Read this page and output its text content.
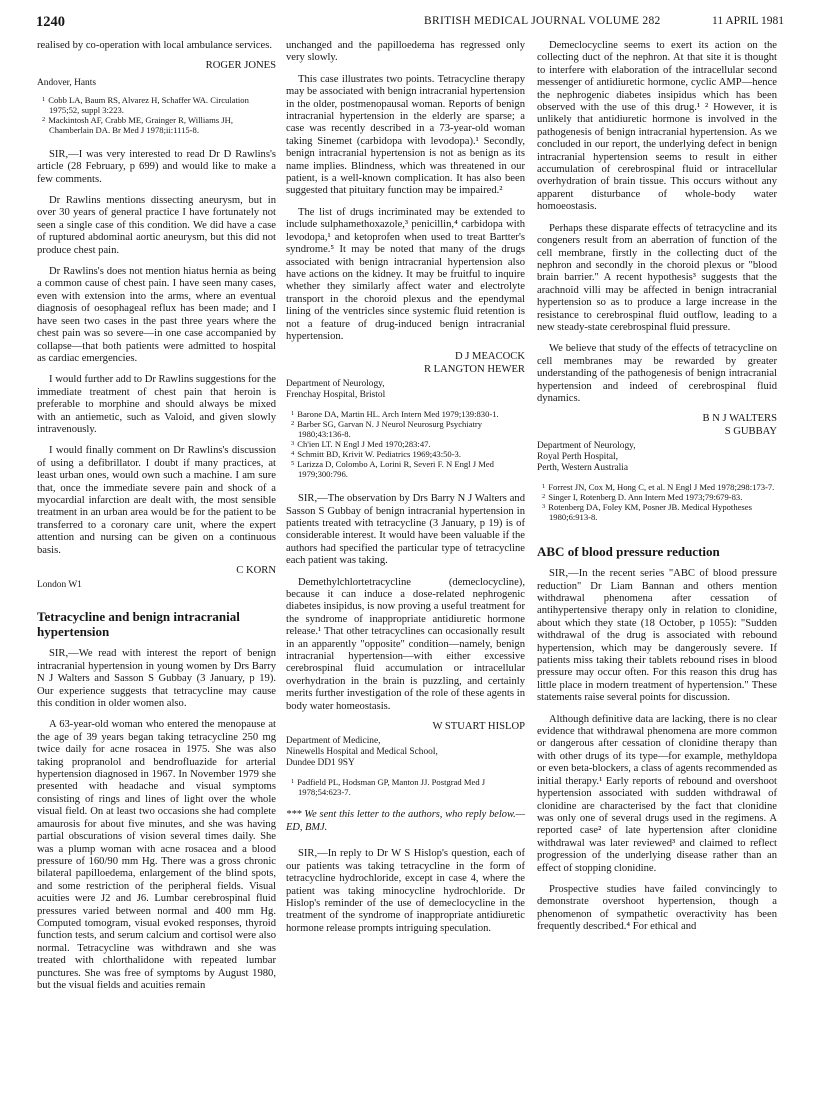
1240	BRITISH MEDICAL JOURNAL VOLUME 282	11 APRIL 1981

realised by co-operation with local ambulance services.

ROGER JONES

Andover, Hants

1 Cobb LA, Baum RS, Alvarez H, Schaffer WA. Circulation 1975;52, suppl 3:223.
2 Mackintosh AF, Crabb ME, Grainger R, Williams JH, Chamberlain DA. Br Med J 1978;ii:1115-8.

SIR,—I was very interested to read Dr D Rawlins's article (28 February, p 699) and would like to make a few comments.

Dr Rawlins mentions dissecting aneurysm, but in over 30 years of general practice I have fortunately not seen a single case of this condition. We did have a case of ruptured abdominal aortic aneurysm, but this did not produce chest pain.

Dr Rawlins's does not mention hiatus hernia as being a common cause of chest pain. I have seen many cases, even with extension into the arms, where an eventual diagnosis of oesophageal reflux has been made; and I have seen two cases in the past three years where the chest pain was so severe—in one case accompanied by collapse—that both patients were admitted to hospital as cardiac emergencies.

I would further add to Dr Rawlins suggestions for the immediate treatment of chest pain that heroin is preferable to morphine and should always be mixed with an antiemetic, such as Valoid, and given slowly intravenously.

I would finally comment on Dr Rawlins's discussion of using a defibrillator. I doubt if many practices, at least urban ones, would own such a machine. I am sure that, once the immediate severe pain and shock of a myocardial infarction are dealt with, the most sensible treatment in an urban area would be for the patient to be transferred to a coronary care unit, where the expert attention and nursing can be given on a continuous basis.

C KORN

London W1

Tetracycline and benign intracranial hypertension

SIR,—We read with interest the report of benign intracranial hypertension in young women by Drs Barry N J Walters and Sasson S Gubbay (3 January, p 19). Our experience suggests that tetracycline may cause this condition in older women also.

A 63-year-old woman who entered the menopause at the age of 39 years began taking tetracycline 250 mg twice daily for acne rosacea in 1975. She was also taking propranolol and bendrofluazide for arterial hypertension diagnosed in 1967. In November 1979 she presented with headache and visual symptoms consisting of rings and lines of light over the whole visual field. On at least two occasions she had complete amaurosis for about five minutes, and she was having partial obscurations of vision several times daily. She was a plump woman with acne rosacea and a blood pressure of 160/90 mm Hg. There was a gross chronic bilateral papilloedema, enlargement of the blind spots, and some restriction of the peripheral fields. Visual acuities were J2 and J6. Lumbar cerebrospinal fluid pressures varied between normal and 400 mm Hg. Computed tomogram, visual evoked responses, thyroid function tests, and serum calcium and cortisol were also normal. Tetracycline was withdrawn and she was treated with chlorthalidone with repeated lumbar punctures. She was free of symptoms by August 1980, but the visual fields and acuities remain

unchanged and the papilloedema has regressed only very slowly.

This case illustrates two points. Tetracycline therapy may be associated with benign intracranial hypertension in the older, postmenopausal woman. Reports of benign intracranial hypertension in the elderly are sparse; a case was recently described in a 73-year-old woman taking Sinemet (carbidopa with levodopa).¹ Secondly, benign intracranial hypertension is not as benign as its name implies. Blindness, which was threatened in our patient, is a well-known complication. It has also been suggested that pituitary function may be impaired.²

The list of drugs incriminated may be extended to include sulphamethoxazole,³ penicillin,⁴ carbidopa with levodopa,¹ and ketoprofen when used to treat Bartter's syndrome.⁵ It may be noted that many of the drugs associated with benign intracranial hypertension also have actions on the kidney. It may be fruitful to inquire whether they similarly affect water and electrolyte transport in the choroid plexus and the ependymal lining of the ventricles since systemic fluid retention is not a feature of drug-induced benign intracranial hypertension.

D J MEACOCK

R LANGTON HEWER

Department of Neurology,

Frenchay Hospital, Bristol

1 Barone DA, Martin HL. Arch Intern Med 1979;139:830-1.
2 Barber SG, Garvan N. J Neurol Neurosurg Psychiatry 1980;43:136-8.
3 Ch'ien LT. N Engl J Med 1970;283:47.
4 Schmitt BD, Krivit W. Pediatrics 1969;43:50-3.
5 Larizza D, Colombo A, Lorini R, Severi F. N Engl J Med 1979;300:796.

SIR,—The observation by Drs Barry N J Walters and Sasson S Gubbay of benign intracranial hypertension in patients treated with tetracycline (3 January, p 19) is of considerable interest. It would have been valuable if the authors had specified the particular type of tetracycline each patient was taking.

Demethylchlortetracycline (demeclocycline), because it can induce a dose-related nephrogenic diabetes insipidus, is now proving a useful treatment for the syndrome of inappropriate antidiuretic hormone release.¹ That other tetracyclines can occasionally result in an apparently "opposite" condition—namely, benign intracranial hypertension—with either excessive cerebrospinal fluid accumulation or intracellular overhydration in the brain is puzzling, and certainly merits further investigation of the role of these agents in body water homeostasis.

W STUART HISLOP

Department of Medicine,

Ninewells Hospital and Medical School,

Dundee DD1 9SY

1 Padfield PL, Hodsman GP, Manton JJ. Postgrad Med J 1978;54:623-7.

*** We sent this letter to the authors, who reply below.—ED, BMJ.

SIR,—In reply to Dr W S Hislop's question, each of our patients was taking tetracycline in the form of tetracycline hydrochloride, except in case 4, where the patient was taking minocycline hydrochloride. Dr Hislop's reminder of the use of demeclocycline in the treatment of the syndrome of inappropriate antidiuretic hormone release prompts intriguing speculation.

Demeclocycline seems to exert its action on the collecting duct of the nephron. At that site it is thought to interfere with elaboration of the intracellular second messenger of antidiuretic hormone, cyclic AMP—hence the nephrogenic diabetes insipidus which has been observed with the use of this drug.¹ ² However, it is unlikely that antidiuretic hormone is involved in the pathogenesis of benign intracranial hypertension. As we concluded in our report, the underlying defect in benign intracranial hypertension seems to result in either accumulation of cerebrospinal fluid or intracellular overhydration of brain tissue. This occurs without any apparent disturbance of whole-body water homoeostasis.

Perhaps these disparate effects of tetracycline and its congeners result from an aberration of function of the cell membrane, firstly in the collecting duct of the nephron and secondly in the choroid plexus or "blood brain barrier." A recent hypothesis³ suggests that the arachnoid villi may be affected in benign intracranial hypertension so as to produce a large increase in the resistance to cerebrospinal fluid outflow, leading to a new steady-state cerebrospinal fluid pressure.

We believe that study of the effects of tetracycline on cell membranes may be rewarded by greater understanding of the pathogenesis of benign intracranial hypertension and indeed of cerebrospinal fluid dynamics.

B N J WALTERS

S GUBBAY

Department of Neurology,

Royal Perth Hospital,

Perth, Western Australia

1 Forrest JN, Cox M, Hong C, et al. N Engl J Med 1978;298:173-7.
2 Singer I, Rotenberg D. Ann Intern Med 1973;79:679-83.
3 Rotenberg DA, Foley KM, Posner JB. Medical Hypotheses 1980;6:913-8.
ABC of blood pressure reduction

SIR,—In the recent series "ABC of blood pressure reduction" Dr Liam Bannan and others mention withdrawal phenomena after cessation of antihypertensive therapy only in relation to clonidine, about which they state (18 October, p 1055): "Sudden withdrawal of the drug is associated with rebound hypertension, which may be dangerously severe. If patients miss taking their tablets rebound rises in blood pressure may occur often. For this reason this drug has little place in modern treatment of hypertension." These statements raise several points for discussion.

Although definitive data are lacking, there is no clear evidence that withdrawal phenomena are more common or dangerous after cessation of clonidine therapy than with other drugs of its type—for example, methyldopa or even beta-blockers, a class of agents recommended as initial therapy.¹ Early reports of rebound and overshoot hypertension associated with sudden withdrawal of clonidine are characterised by the fact that clonidine was only one of several drugs used in the regimens. A reported case² of late hypertension after clonidine withdrawal was later reviewed³ and claimed to reflect progression of the underlying disease rather than an effect of stopping clonidine.

Prospective studies have failed convincingly to demonstrate overshoot hypertension, though a phenomenon of sympathetic overactivity has been frequently described.⁴ For ethical and
